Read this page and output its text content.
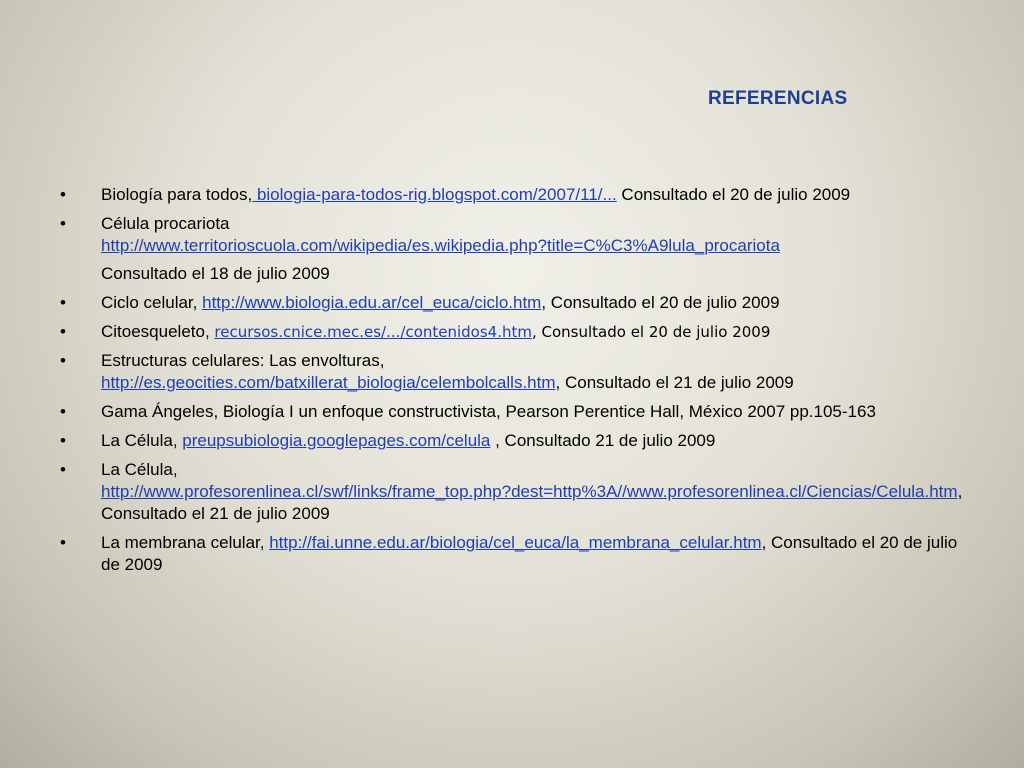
REFERENCIAS
• Biología para todos, biologia-para-todos-rig.blogspot.com/2007/11/... Consultado el 20 de julio 2009
• Célula procariota
http://www.territorioscuola.com/wikipedia/es.wikipedia.php?title=C%C3%A9lula_procariota
Consultado el 18 de julio 2009
• Ciclo celular, http://www.biologia.edu.ar/cel_euca/ciclo.htm, Consultado el 20 de julio 2009
• Citoesqueleto, recursos.cnice.mec.es/.../contenidos4.htm, Consultado el 20 de julio 2009
• Estructuras celulares: Las envolturas,
http://es.geocities.com/batxillerat_biologia/celembolcalls.htm, Consultado el 21 de julio 2009
• Gama Ángeles, Biología I un enfoque constructivista, Pearson Perentice Hall, México 2007 pp.105-163
• La Célula, preupsubiologia.googlepages.com/celula , Consultado 21 de julio 2009
• La Célula,
http://www.profesorenlinea.cl/swf/links/frame_top.php?dest=http%3A//www.profesorenlinea.cl/Ciencias/Celula.htm, Consultado el 21 de julio 2009
• La membrana celular, http://fai.unne.edu.ar/biologia/cel_euca/la_membrana_celular.htm, Consultado el 20 de julio de 2009
